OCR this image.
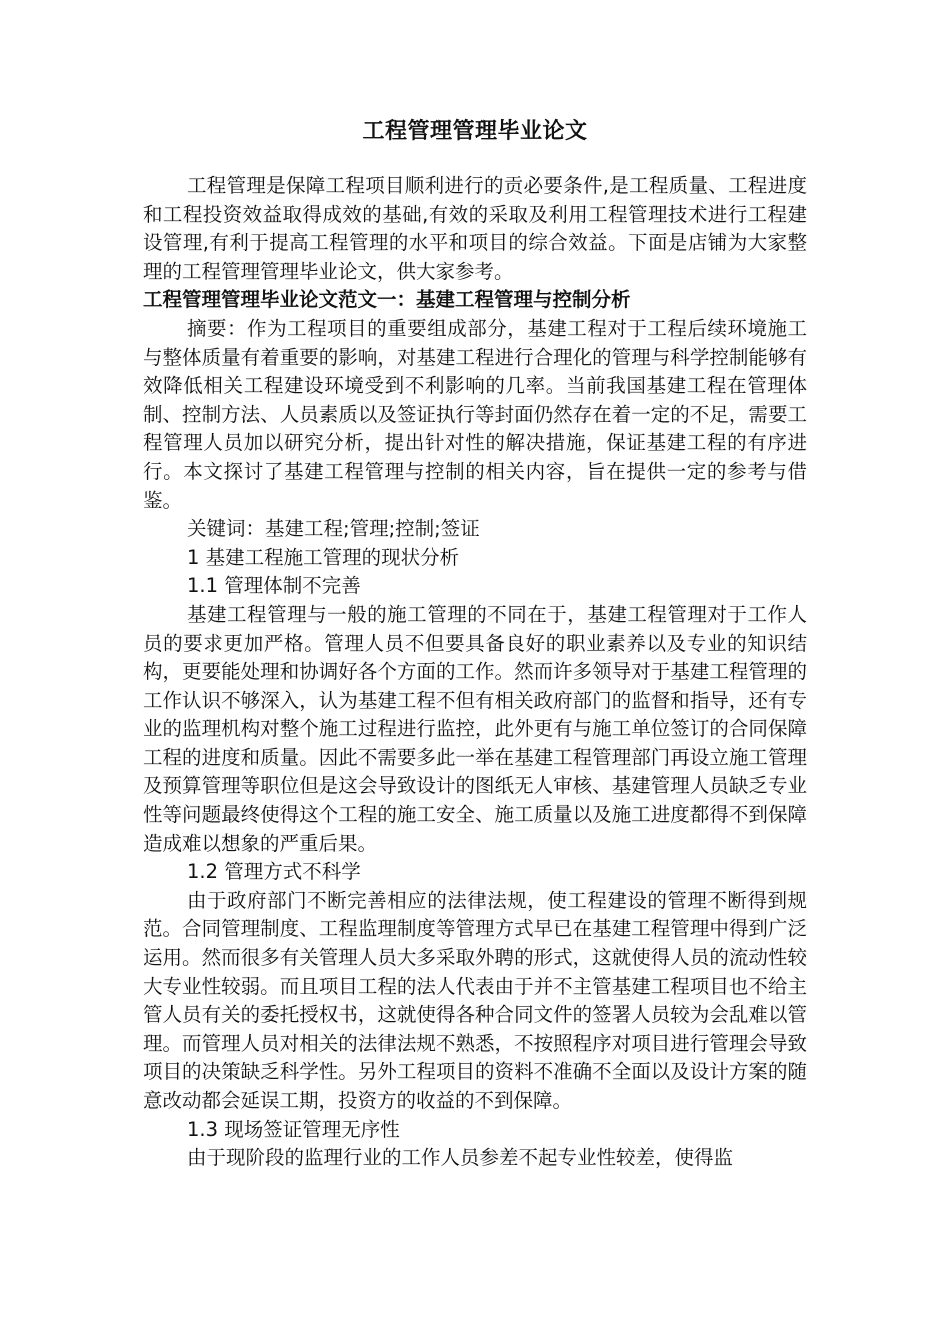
工程管理管理毕业论文

工程管理是保障工程项目顺利进行的贡必要条件,是工程质量、工程进度和工程投资效益取得成效的基础,有效的采取及利用工程管理技术进行工程建设管理,有利于提高工程管理的水平和项目的综合效益。下面是店铺为大家整理的工程管理管理毕业论文，供大家参考。

工程管理管理毕业论文范文一：基建工程管理与控制分析

摘要：作为工程项目的重要组成部分，基建工程对于工程后续环境施工与整体质量有着重要的影响，对基建工程进行合理化的管理与科学控制能够有效降低相关工程建设环境受到不利影响的几率。当前我国基建工程在管理体制、控制方法、人员素质以及签证执行等封面仍然存在着一定的不足，需要工程管理人员加以研究分析，提出针对性的解决措施，保证基建工程的有序进行。本文探讨了基建工程管理与控制的相关内容，旨在提供一定的参考与借鉴。

关键词：基建工程;管理;控制;签证

1 基建工程施工管理的现状分析

1.1 管理体制不完善

基建工程管理与一般的施工管理的不同在于，基建工程管理对于工作人员的要求更加严格。管理人员不但要具备良好的职业素养以及专业的知识结构，更要能处理和协调好各个方面的工作。然而许多领导对于基建工程管理的工作认识不够深入，认为基建工程不但有相关政府部门的监督和指导，还有专业的监理机构对整个施工过程进行监控，此外更有与施工单位签订的合同保障工程的进度和质量。因此不需要多此一举在基建工程管理部门再设立施工管理及预算管理等职位但是这会导致设计的图纸无人审核、基建管理人员缺乏专业性等问题最终使得这个工程的施工安全、施工质量以及施工进度都得不到保障造成难以想象的严重后果。

1.2 管理方式不科学

由于政府部门不断完善相应的法律法规，使工程建设的管理不断得到规范。合同管理制度、工程监理制度等管理方式早已在基建工程管理中得到广泛运用。然而很多有关管理人员大多采取外聘的形式，这就使得人员的流动性较大专业性较弱。而且项目工程的法人代表由于并不主管基建工程项目也不给主管人员有关的委托授权书，这就使得各种合同文件的签署人员较为会乱难以管理。而管理人员对相关的法律法规不熟悉，不按照程序对项目进行管理会导致项目的决策缺乏科学性。另外工程项目的资料不准确不全面以及设计方案的随意改动都会延误工期，投资方的收益的不到保障。

1.3 现场签证管理无序性

由于现阶段的监理行业的工作人员参差不起专业性较差，使得监
